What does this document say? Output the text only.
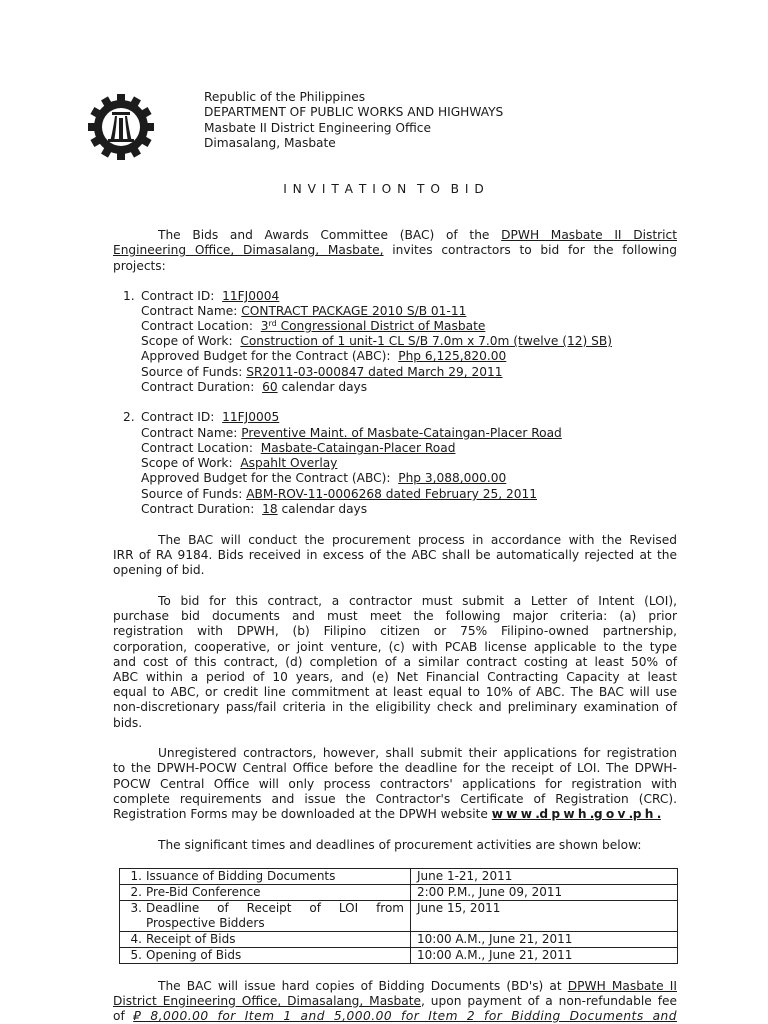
Republic of the Philippines
DEPARTMENT OF PUBLIC WORKS AND HIGHWAYS
Masbate II District Engineering Office
Dimasalang, Masbate
I N V I T A T I O N  T O  B I D
The Bids and Awards Committee (BAC) of the DPWH Masbate II District
Engineering Office, Dimasalang, Masbate, invites contractors to bid for the following
projects:
1. Contract ID: 11FJ0004
Contract Name: CONTRACT PACKAGE 2010 S/B 01-11
Contract Location: 3rd Congressional District of Masbate
Scope of Work: Construction of 1 unit-1 CL S/B 7.0m x 7.0m (twelve (12) SB)
Approved Budget for the Contract (ABC): Php 6,125,820.00
Source of Funds: SR2011-03-000847 dated March 29, 2011
Contract Duration: 60 calendar days
2. Contract ID: 11FJ0005
Contract Name: Preventive Maint. of Masbate-Cataingan-Placer Road
Contract Location: Masbate-Cataingan-Placer Road
Scope of Work: Aspahlt Overlay
Approved Budget for the Contract (ABC): Php 3,088,000.00
Source of Funds: ABM-ROV-11-0006268 dated February 25, 2011
Contract Duration: 18 calendar days
The BAC will conduct the procurement process in accordance with the Revised
IRR of RA 9184. Bids received in excess of the ABC shall be automatically rejected at the
opening of bid.
To bid for this contract, a contractor must submit a Letter of Intent (LOI),
purchase bid documents and must meet the following major criteria: (a) prior
registration with DPWH, (b) Filipino citizen or 75% Filipino-owned partnership,
corporation, cooperative, or joint venture, (c) with PCAB license applicable to the type
and cost of this contract, (d) completion of a similar contract costing at least 50% of
ABC within a period of 10 years, and (e) Net Financial Contracting Capacity at least
equal to ABC, or credit line commitment at least equal to 10% of ABC. The BAC will use
non-discretionary pass/fail criteria in the eligibility check and preliminary examination of
bids.
Unregistered contractors, however, shall submit their applications for registration
to the DPWH-POCW Central Office before the deadline for the receipt of LOI. The DPWH-
POCW Central Office will only process contractors' applications for registration with
complete requirements and issue the Contractor's Certificate of Registration (CRC).
Registration Forms may be downloaded at the DPWH website w w w .d p w h .g o v .p h .
The significant times and deadlines of procurement activities are shown below:
1. Issuance of Bidding Documents	June 1-21, 2011
2. Pre-Bid Conference	2:00 P.M., June 09, 2011

3. Deadline of Receipt of LOI from
Prospective Bidders	June 15, 2011
4. Receipt of Bids	10:00 A.M., June 21, 2011
5. Opening of Bids	10:00 A.M., June 21, 2011
The BAC will issue hard copies of Bidding Documents (BD's) at DPWH Masbate II
District Engineering Office, Dimasalang, Masbate, upon payment of a non-refundable fee
of ₽ 8,000.00 for Item 1 and 5,000.00 for Item 2 for Bidding Documents and
